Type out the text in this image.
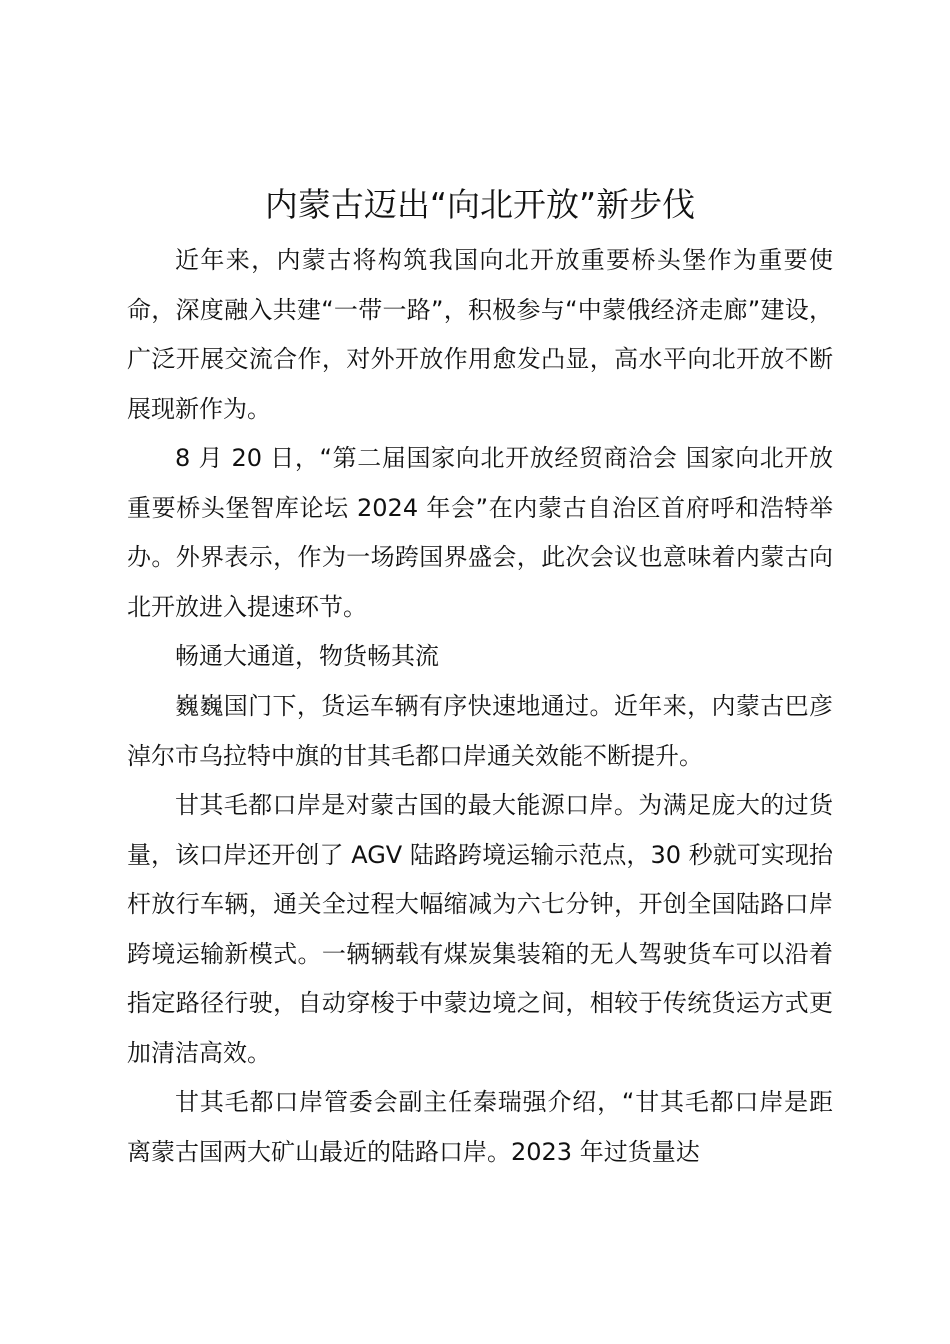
内蒙古迈出“向北开放”新步伐

近年来，内蒙古将构筑我国向北开放重要桥头堡作为重要使命，深度融入共建“一带一路”，积极参与“中蒙俄经济走廊”建设，广泛开展交流合作，对外开放作用愈发凸显，高水平向北开放不断展现新作为。

8 月 20 日，“第二届国家向北开放经贸商洽会 国家向北开放重要桥头堡智库论坛 2024 年会”在内蒙古自治区首府呼和浩特举办。外界表示，作为一场跨国界盛会，此次会议也意味着内蒙古向北开放进入提速环节。

畅通大通道，物货畅其流

巍巍国门下，货运车辆有序快速地通过。近年来，内蒙古巴彦淖尔市乌拉特中旗的甘其毛都口岸通关效能不断提升。

甘其毛都口岸是对蒙古国的最大能源口岸。为满足庞大的过货量，该口岸还开创了 AGV 陆路跨境运输示范点，30 秒就可实现抬杆放行车辆，通关全过程大幅缩减为六七分钟，开创全国陆路口岸跨境运输新模式。一辆辆载有煤炭集装箱的无人驾驶货车可以沿着指定路径行驶，自动穿梭于中蒙边境之间，相较于传统货运方式更加清洁高效。

甘其毛都口岸管委会副主任秦瑞强介绍，“甘其毛都口岸是距离蒙古国两大矿山最近的陆路口岸。2023 年过货量达
